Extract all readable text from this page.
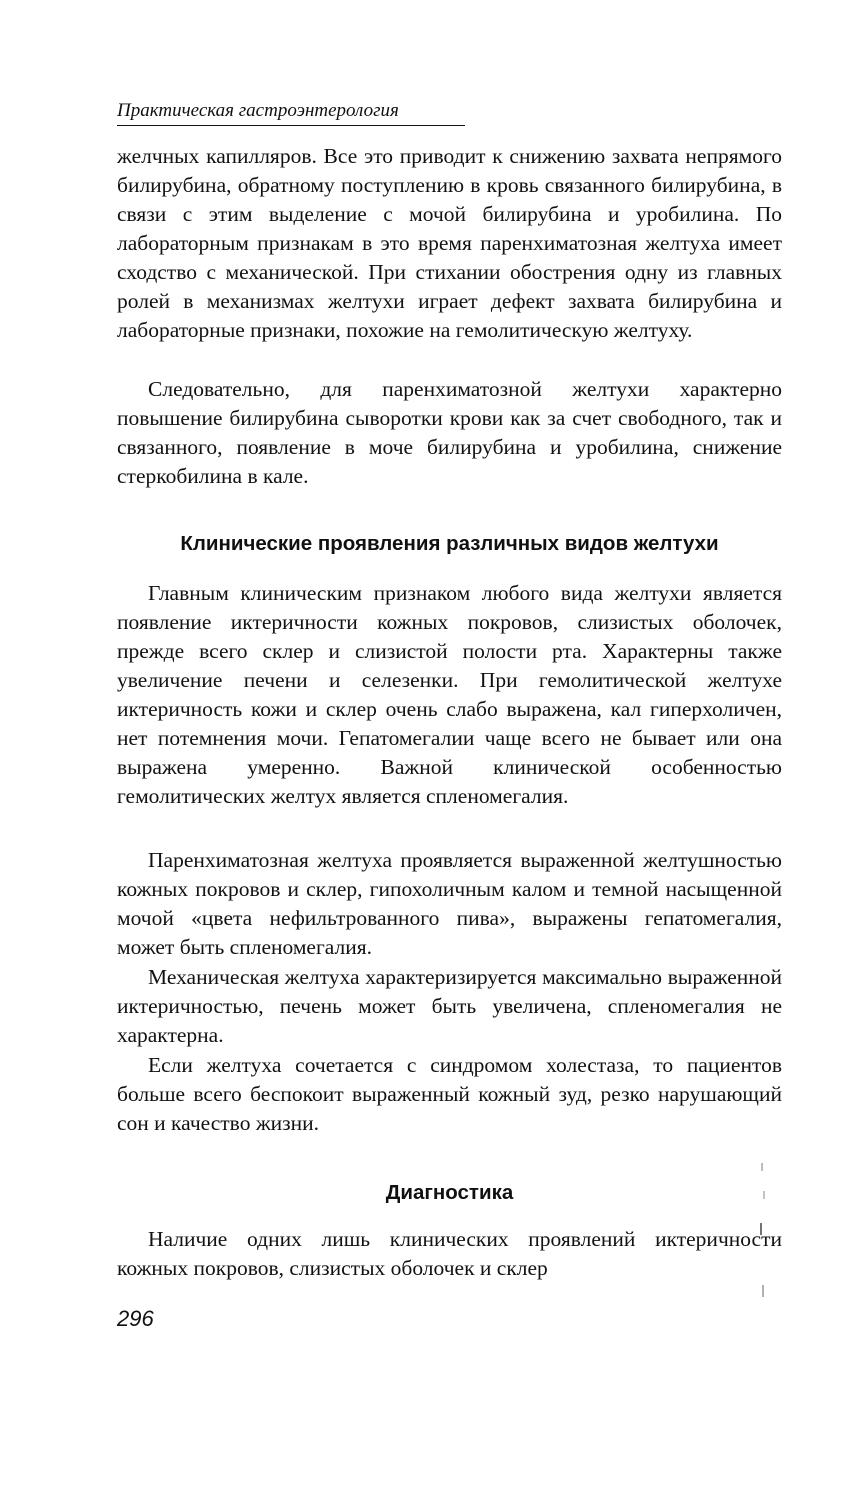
Практическая гастроэнтерология

желчных капилляров. Все это приводит к снижению захвата непрямого билирубина, обратному поступлению в кровь связанного билирубина, в связи с этим выделение с мочой билирубина и уробилина. По лабораторным признакам в это время паренхиматозная желтуха имеет сходство с механической. При стихании обострения одну из главных ролей в механизмах желтухи играет дефект захвата билирубина и лабораторные признаки, похожие на гемолитическую желтуху.

Следовательно, для паренхиматозной желтухи характерно повышение билирубина сыворотки крови как за счет свободного, так и связанного, появление в моче билирубина и уробилина, снижение стеркобилина в кале.

Клинические проявления различных видов желтухи

Главным клиническим признаком любого вида желтухи является появление иктеричности кожных покровов, слизистых оболочек, прежде всего склер и слизистой полости рта. Характерны также увеличение печени и селезенки. При гемолитической желтухе иктеричность кожи и склер очень слабо выражена, кал гиперхоличен, нет потемнения мочи. Гепатомегалии чаще всего не бывает или она выражена умеренно. Важной клинической особенностью гемолитических желтух является спленомегалия.

Паренхиматозная желтуха проявляется выраженной желтушностью кожных покровов и склер, гипохоличным калом и темной насыщенной мочой «цвета нефильтрованного пива», выражены гепатомегалия, может быть спленомегалия.

Механическая желтуха характеризируется максимально выраженной иктеричностью, печень может быть увеличена, спленомегалия не характерна.

Если желтуха сочетается с синдромом холестаза, то пациентов больше всего беспокоит выраженный кожный зуд, резко нарушающий сон и качество жизни.

Диагностика

Наличие одних лишь клинических проявлений иктеричности кожных покровов, слизистых оболочек и склер

296
